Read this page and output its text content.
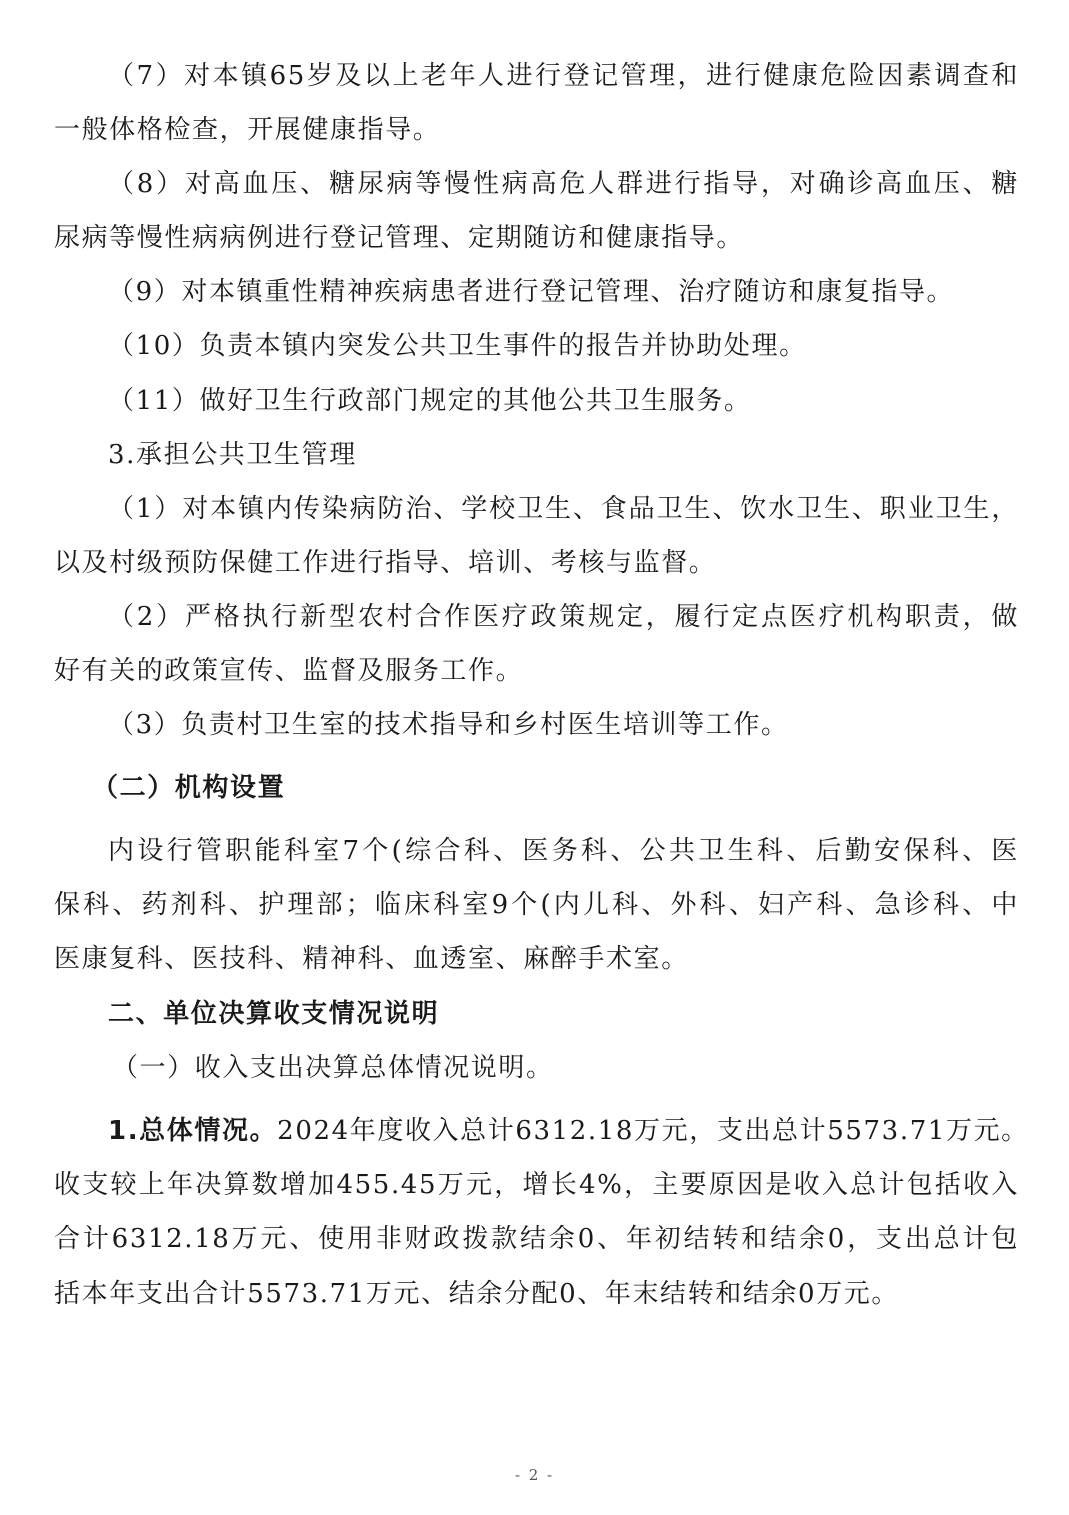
（7）对本镇65岁及以上老年人进行登记管理，进行健康危险因素调查和
一般体格检查，开展健康指导。
（8）对高血压、糖尿病等慢性病高危人群进行指导，对确诊高血压、糖
尿病等慢性病病例进行登记管理、定期随访和健康指导。
（9）对本镇重性精神疾病患者进行登记管理、治疗随访和康复指导。
（10）负责本镇内突发公共卫生事件的报告并协助处理。
（11）做好卫生行政部门规定的其他公共卫生服务。
3.承担公共卫生管理
（1）对本镇内传染病防治、学校卫生、食品卫生、饮水卫生、职业卫生，
以及村级预防保健工作进行指导、培训、考核与监督。
（2）严格执行新型农村合作医疗政策规定，履行定点医疗机构职责，做
好有关的政策宣传、监督及服务工作。
（3）负责村卫生室的技术指导和乡村医生培训等工作。
（二）机构设置
内设行管职能科室7个(综合科、医务科、公共卫生科、后勤安保科、医
保科、药剂科、护理部；临床科室9个(内儿科、外科、妇产科、急诊科、中
医康复科、医技科、精神科、血透室、麻醉手术室。
二、单位决算收支情况说明
（一）收入支出决算总体情况说明。
1.总体情况。2024年度收入总计6312.18万元，支出总计5573.71万元。
收支较上年决算数增加455.45万元，增长4%，主要原因是收入总计包括收入
合计6312.18万元、使用非财政拨款结余0、年初结转和结余0，支出总计包
括本年支出合计5573.71万元、结余分配0、年末结转和结余0万元。
- 2 -
